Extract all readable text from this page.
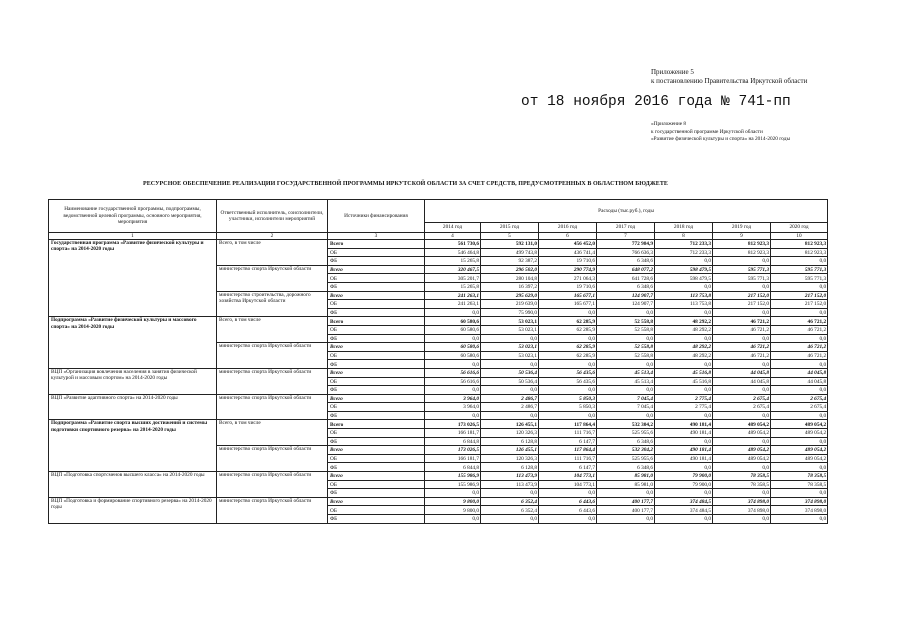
Приложение 5
к постановлению Правительства Иркутской области
от 18 ноября 2016 года № 741-пп
«Приложение 8
к государственной программе Иркутской области
«Развитие физической культуры и спорта» на 2014-2020 годы
РЕСУРСНОЕ ОБЕСПЕЧЕНИЕ РЕАЛИЗАЦИИ ГОСУДАРСТВЕННОЙ ПРОГРАММЫ ИРКУТСКОЙ ОБЛАСТИ ЗА СЧЕТ СРЕДСТВ, ПРЕДУСМОТРЕННЫХ В ОБЛАСТНОМ БЮДЖЕТЕ
Наименование государственной программы, подпрограммы, ведомственной целевой программы, основного мероприятия, мероприятия	Ответственный исполнитель, соисполнители, участники, исполнители мероприятий	Источники финансирования	Расходы (тыс.руб.), годы						
			2014 год	2015 год	2016 год	2017 год	2018 год	2019 год	2020 год
1	2	3	4	5	6	7	8	9	10
Государственная программа «Развитие физической культуры и спорта» на 2014-2020 годы	Всего, в том числе	Всего	561 730,6	592 131,0	456 452,0	772 984,9	712 233,3	812 923,3	812 923,3
		ОБ	546 464,8	499 743,8	436 741,4	766 636,3	712 233,3	812 923,3	812 923,3
		ФБ	15 265,8	92 387,2	19 710,6	6 348,6	0,0	0,0	0,0
	министерство спорта Иркутской области	Всего	320 467,5	296 502,0	290 774,9	648 077,2	598 479,5	595 771,3	595 771,3
		ОБ	305 201,7	280 104,8	271 064,3	641 728,6	598 479,5	595 771,3	595 771,3
		ФБ	15 265,8	16 397,2	19 710,6	6 348,6	0,0	0,0	0,0
	министерство строительства, дорожного хозяйства Иркутской области	Всего	241 263,1	295 629,0	165 677,1	124 907,7	113 753,8	217 152,0	217 152,0
		ОБ	241 263,1	219 639,0	165 677,1	124 907,7	113 753,8	217 152,0	217 152,0
		ФБ	0,0	75 990,0	0,0	0,0	0,0	0,0	0,0
Подпрограмма «Развитие физической культуры и массового спорта» на 2014-2020 годы	Всего, в том числе	Всего	60 580,6	53 023,1	62 285,9	52 558,8	48 292,2	46 721,2	46 721,2
		ОБ	60 580,6	53 023,1	62 285,9	52 558,8	48 292,2	46 721,2	46 721,2
		ФБ	0,0	0,0	0,0	0,0	0,0	0,0	0,0
	министерство спорта Иркутской области	Всего	60 580,6	53 023,1	62 285,9	52 558,8	48 292,2	46 721,2	46 721,2
		ОБ	60 580,6	53 023,1	62 285,9	52 558,8	48 292,2	46 721,2	46 721,2
		ФБ	0,0	0,0	0,0	0,0	0,0	0,0	0,0
ВЦП «Организация вовлечения населения в занятия физической культурой и массовым спортом» на 2014-2020 годы	министерство спорта Иркутской области	Всего	56 616,6	50 536,4	56 435,6	45 513,4	45 516,8	44 045,8	44 045,8
		ОБ	56 616,6	50 536,4	56 435,6	45 513,4	45 516,8	44 045,8	44 045,8
		ФБ	0,0	0,0	0,0	0,0	0,0	0,0	0,0
ВЦП «Развитие адаптивного спорта» на 2014-2020 годы	министерство спорта Иркутской области	Всего	3 964,0	2 486,7	5 850,3	7 045,4	2 775,4	2 675,4	2 675,4
		ОБ	3 964,0	2 486,7	5 850,3	7 045,4	2 775,4	2 675,4	2 675,4
		ФБ	0,0	0,0	0,0	0,0	0,0	0,0	0,0
Подпрограмма «Развитие спорта высших достижений и системы подготовки спортивного резерва» на 2014-2020 годы	Всего, в том числе	Всего	173 026,5	126 455,1	117 864,4	532 304,2	490 181,4	489 054,2	489 054,2
		ОБ	166 181,7	120 326,3	111 716,7	525 955,6	490 181,4	489 054,2	489 054,2
		ФБ	6 844,8	6 128,8	6 147,7	6 348,6	0,0	0,0	0,0
	министерство спорта Иркутской области	Всего	173 026,5	126 455,1	117 864,4	532 304,2	490 181,4	489 054,2	489 054,2
		ОБ	166 181,7	120 326,3	111 716,7	525 955,6	490 181,4	489 054,2	489 054,2
		ФБ	6 844,8	6 128,8	6 147,7	6 348,6	0,0	0,0	0,0
ВЦП «Подготовка спортсменов высшего класса» на 2014-2020 годы	министерство спорта Иркутской области	Всего	155 986,9	113 473,9	104 773,1	85 981,0	79 900,0	78 358,5	78 358,5
		ОБ	155 986,9	113 473,9	104 773,1	85 981,0	79 900,0	78 358,5	78 358,5
		ФБ	0,0	0,0	0,0	0,0	0,0	0,0	0,0
ВЦП «Подготовка и формирование спортивного резерва» на 2014-2020 годы	министерство спорта Иркутской области	Всего	9 800,0	6 352,4	6 443,6	400 177,7	374 484,5	374 898,0	374 898,0
		ОБ	9 800,0	6 352,4	6 443,6	400 177,7	374 484,5	374 898,0	374 898,0
		ФБ	0,0	0,0	0,0	0,0	0,0	0,0	0,0
